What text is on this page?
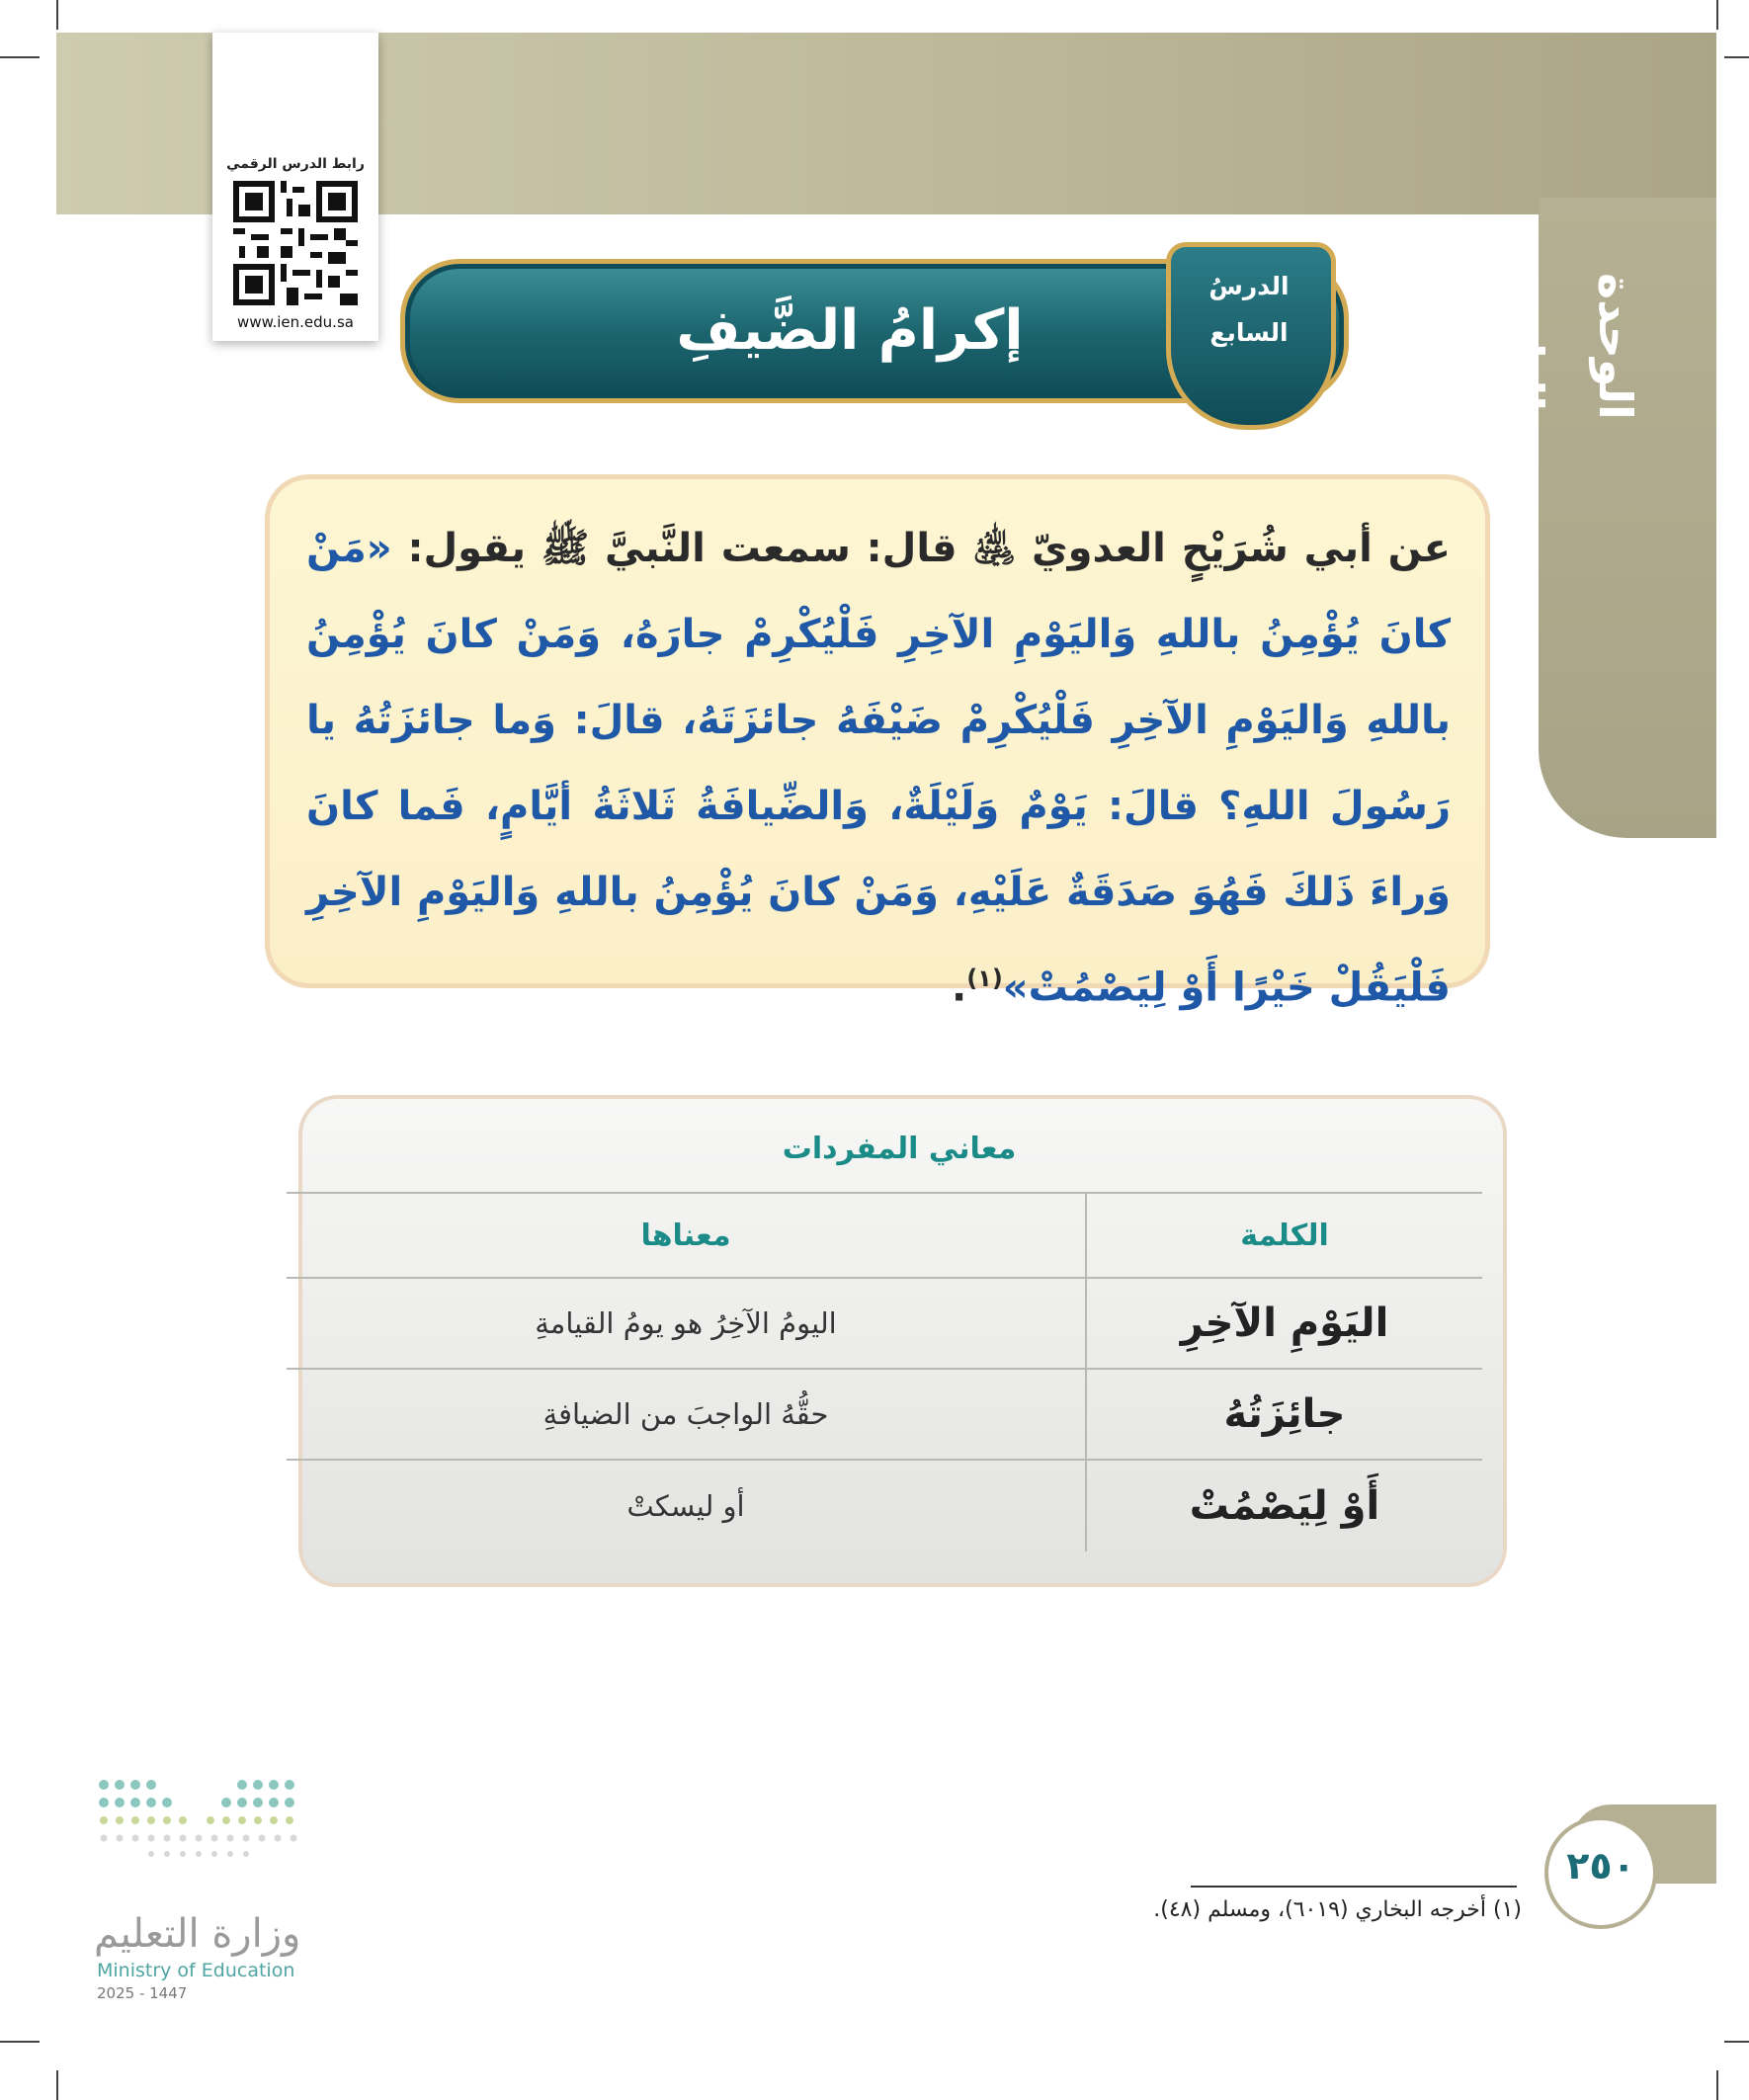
الوحدة الثانية
رابط الدرس الرقمي
www.ien.edu.sa	إكرامُ الضَّيفِ
الدرسُ
السابع
عن أبي شُرَيْحٍ العدويّ ﵁ قال: سمعت النَّبيَّ ﷺ يقول: «مَنْ كانَ يُؤْمِنُ باللهِ وَاليَوْمِ الآخِرِ فَلْيُكْرِمْ جارَهُ، وَمَنْ كانَ يُؤْمِنُ باللهِ وَاليَوْمِ الآخِرِ فَلْيُكْرِمْ ضَيْفَهُ جائزَتَهُ، قالَ: وَما جائزَتُهُ يا رَسُولَ اللهِ؟ قالَ: يَوْمٌ وَلَيْلَةٌ، وَالضِّيافَةُ ثَلاثَةُ أيَّامٍ، فَما كانَ وَراءَ ذَلكَ فَهُوَ صَدَقَةٌ عَلَيْهِ، وَمَنْ كانَ يُؤْمِنُ باللهِ وَاليَوْمِ الآخِرِ فَلْيَقُلْ خَيْرًا أَوْ لِيَصْمُتْ»$^{(١)}$.
معاني المفردات
الكلمة	معناها
اليَوْمِ الآخِرِ	اليومُ الآخِرُ هو يومُ القيامةِ
جائِزَتُهُ	حقُّهُ الواجبَ من الضيافةِ
أَوْ لِيَصْمُتْ	أو ليسكتْ
٢٥٠
(١) أخرجه البخاري (٦٠١٩)، ومسلم (٤٨).
وزارة التعليم
Ministry of Education
2025 - 1447
